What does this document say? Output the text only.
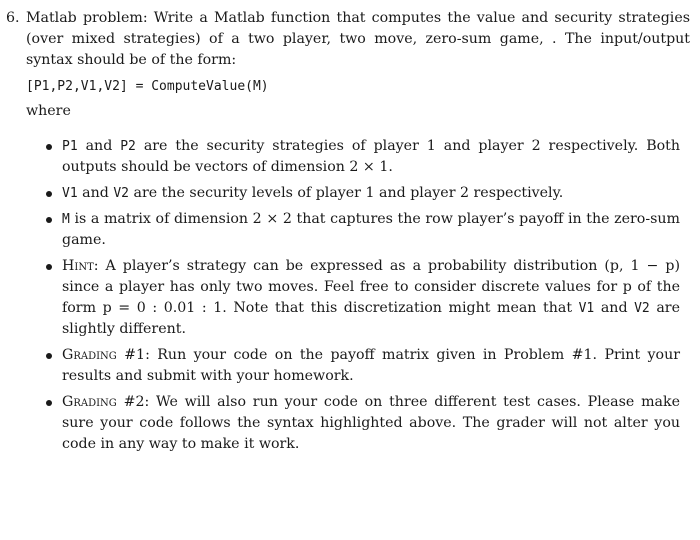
6. Matlab problem: Write a Matlab function that computes the value and security strategies (over mixed strategies) of a two player, two move, zero-sum game, . The input/output syntax should be of the form:
[P1,P2,V1,V2] = ComputeValue(M)
where
P1 and P2 are the security strategies of player 1 and player 2 respectively. Both outputs should be vectors of dimension 2 × 1.
V1 and V2 are the security levels of player 1 and player 2 respectively.
M is a matrix of dimension 2 × 2 that captures the row player’s payoff in the zero-sum game.
Hint: A player’s strategy can be expressed as a probability distribution (p, 1 − p) since a player has only two moves. Feel free to consider discrete values for p of the form p = 0 : 0.01 : 1. Note that this discretization might mean that V1 and V2 are slightly different.
Grading #1: Run your code on the payoff matrix given in Problem #1. Print your results and submit with your homework.
Grading #2: We will also run your code on three different test cases. Please make sure your code follows the syntax highlighted above. The grader will not alter you code in any way to make it work.
